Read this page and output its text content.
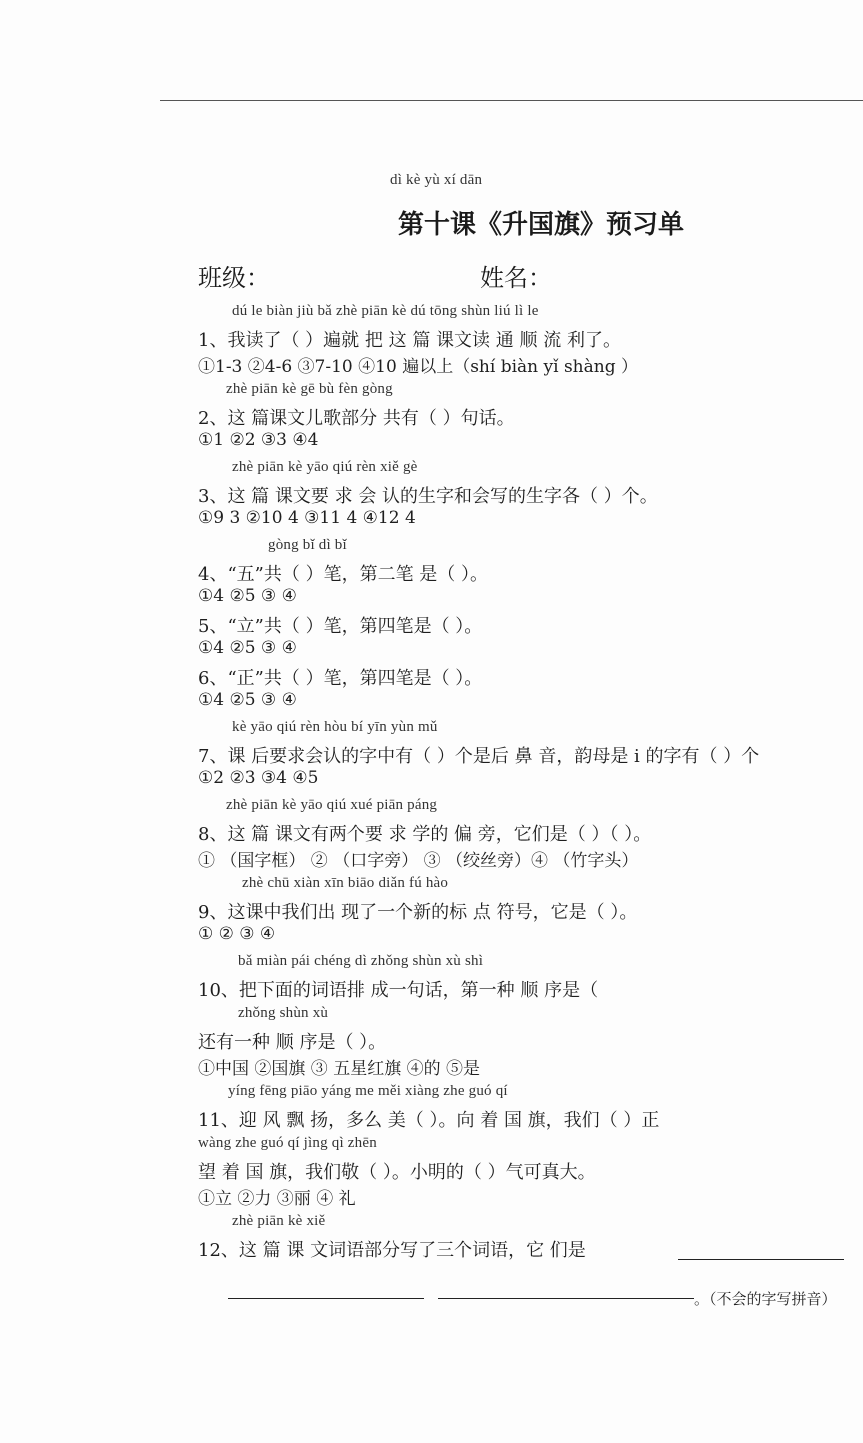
dì kè yù xí dān
第十课《升国旗》预习单
班级：	姓名：
dú le biàn jiù bǎ zhè piān kè dú tōng shùn liú lì le
1、我读了（ ）遍就 把 这 篇 课文读 通 顺 流 利了。
①1-3 ②4-6 ③7-10 ④10 遍以上（shí biàn yǐ shàng ）
zhè piān kè gē bù fèn gòng
2、这 篇课文儿歌部分 共有（ ）句话。
①1 ②2 ③3 ④4
zhè piān kè yāo qiú rèn xiě gè
3、这 篇 课文要 求 会 认的生字和会写的生字各（ ）个。
①9 3 ②10 4 ③11 4 ④12 4
gòng bǐ dì bǐ
4、“五”共（ ）笔，第二笔 是（ ）。
①4 ②5 ③ ④
5、“立”共（ ）笔，第四笔是（ ）。
①4 ②5 ③ ④
6、“正”共（ ）笔，第四笔是（ ）。
①4 ②5 ③ ④
kè yāo qiú rèn hòu bí yīn yùn mǔ
7、课 后要求会认的字中有（ ）个是后 鼻 音，韵母是 i 的字有（ ）个
①2 ②3 ③4 ④5
zhè piān kè yāo qiú xué piān páng
8、这 篇 课文有两个要 求 学的 偏 旁，它们是（ ）（ ）。
① （国字框） ② （口字旁） ③ （绞丝旁）④ （竹字头）
zhè chū xiàn xīn biāo diǎn fú hào
9、这课中我们出 现了一个新的标 点 符号，它是（ ）。
① ② ③ ④
bǎ miàn pái chéng dì zhǒng shùn xù shì
10、把下面的词语排 成一句话，第一种 顺 序是（
zhǒng shùn xù
还有一种 顺 序是（ ）。
①中国 ②国旗 ③ 五星红旗 ④的 ⑤是
yíng fēng piāo yáng me měi xiàng zhe guó qí
11、迎 风 飘 扬，多么 美（ ）。向 着 国 旗，我们（ ）正
wàng zhe guó qí jìng qì zhēn
望 着 国 旗，我们敬（ ）。小明的（ ）气可真大。
①立 ②力 ③丽 ④ 礼
zhè piān kè xiě
12、这 篇 课 文词语部分写了三个词语，它 们是
。（不会的字写拼音）
